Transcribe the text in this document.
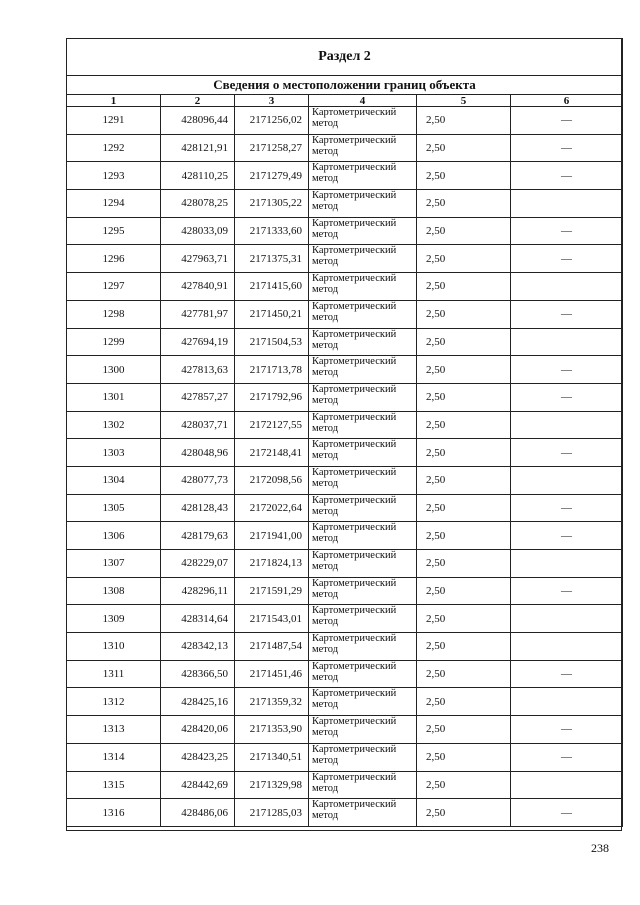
Раздел 2					
Сведения о местоположении границ объекта					
1	2	3	4	5	6
1291	428096,44	2171256,02	Картометрический метод	2,50	—
1292	428121,91	2171258,27	Картометрический метод	2,50	—
1293	428110,25	2171279,49	Картометрический метод	2,50	—
1294	428078,25	2171305,22	Картометрический метод	2,50	
1295	428033,09	2171333,60	Картометрический метод	2,50	—
1296	427963,71	2171375,31	Картометрический метод	2,50	—
1297	427840,91	2171415,60	Картометрический метод	2,50	
1298	427781,97	2171450,21	Картометрический метод	2,50	—
1299	427694,19	2171504,53	Картометрический метод	2,50	
1300	427813,63	2171713,78	Картометрический метод	2,50	—
1301	427857,27	2171792,96	Картометрический метод	2,50	—
1302	428037,71	2172127,55	Картометрический метод	2,50	
1303	428048,96	2172148,41	Картометрический метод	2,50	—
1304	428077,73	2172098,56	Картометрический метод	2,50	
1305	428128,43	2172022,64	Картометрический метод	2,50	—
1306	428179,63	2171941,00	Картометрический метод	2,50	—
1307	428229,07	2171824,13	Картометрический метод	2,50	
1308	428296,11	2171591,29	Картометрический метод	2,50	—
1309	428314,64	2171543,01	Картометрический метод	2,50	
1310	428342,13	2171487,54	Картометрический метод	2,50	
1311	428366,50	2171451,46	Картометрический метод	2,50	—
1312	428425,16	2171359,32	Картометрический метод	2,50	
1313	428420,06	2171353,90	Картометрический метод	2,50	—
1314	428423,25	2171340,51	Картометрический метод	2,50	—
1315	428442,69	2171329,98	Картометрический метод	2,50	
1316	428486,06	2171285,03	Картометрический метод	2,50	—
238
